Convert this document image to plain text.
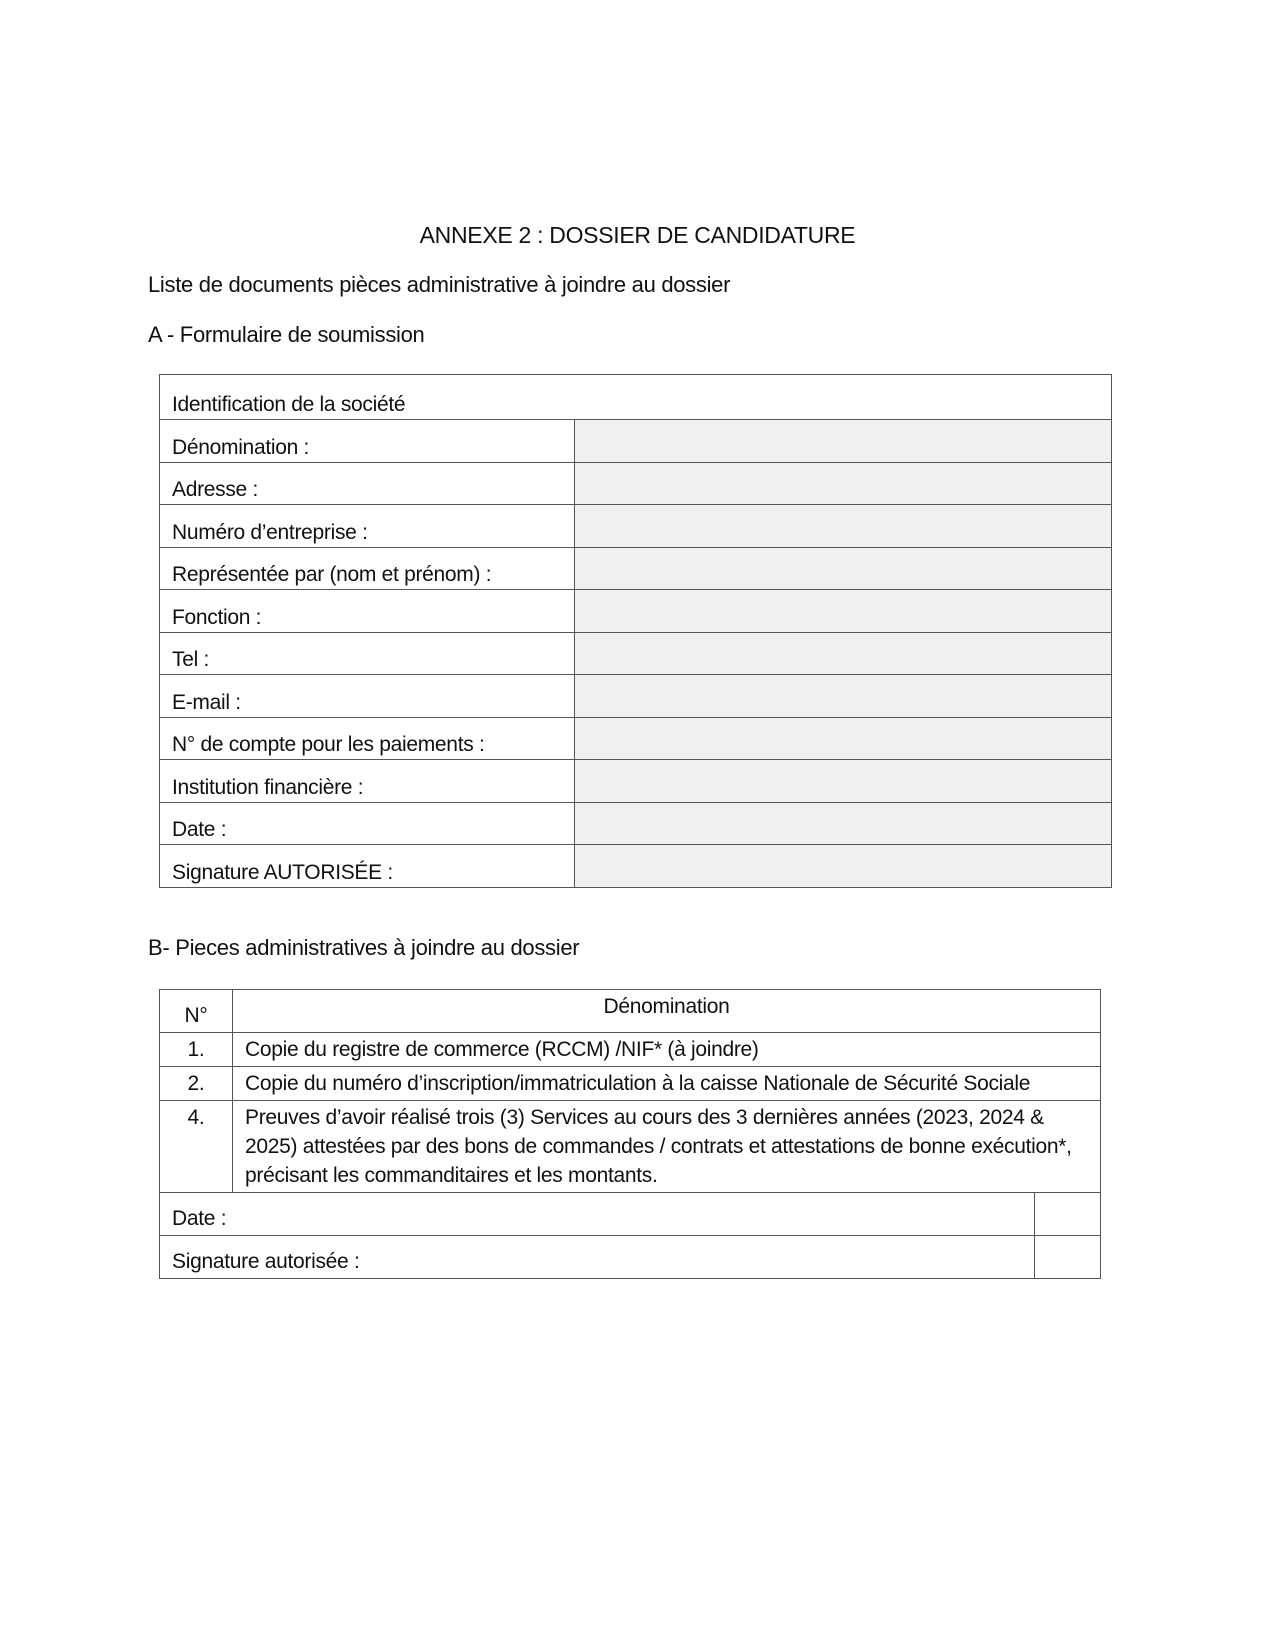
ANNEXE 2 : DOSSIER DE CANDIDATURE
Liste de documents pièces administrative à joindre au dossier
A - Formulaire de soumission
Identification de la société	
Dénomination :	
Adresse :	
Numéro d’entreprise :	
Représentée par (nom et prénom) :	
Fonction :	
Tel :	
E-mail :	
N° de compte pour les paiements :	
Institution financière :	
Date :	
Signature AUTORISÉE :	
B- Pieces administratives à joindre au dossier
N°	Dénomination	
1.	Copie du registre de commerce (RCCM) /NIF* (à joindre)	
2.	Copie du numéro d’inscription/immatriculation à la caisse Nationale de Sécurité Sociale	
4.	Preuves d’avoir réalisé trois (3) Services au cours des 3 dernières années (2023, 2024 & 2025) attestées par des bons de commandes / contrats et attestations de bonne exécution*, précisant les commanditaires et les montants.	
Date :		
Signature autorisée :		
